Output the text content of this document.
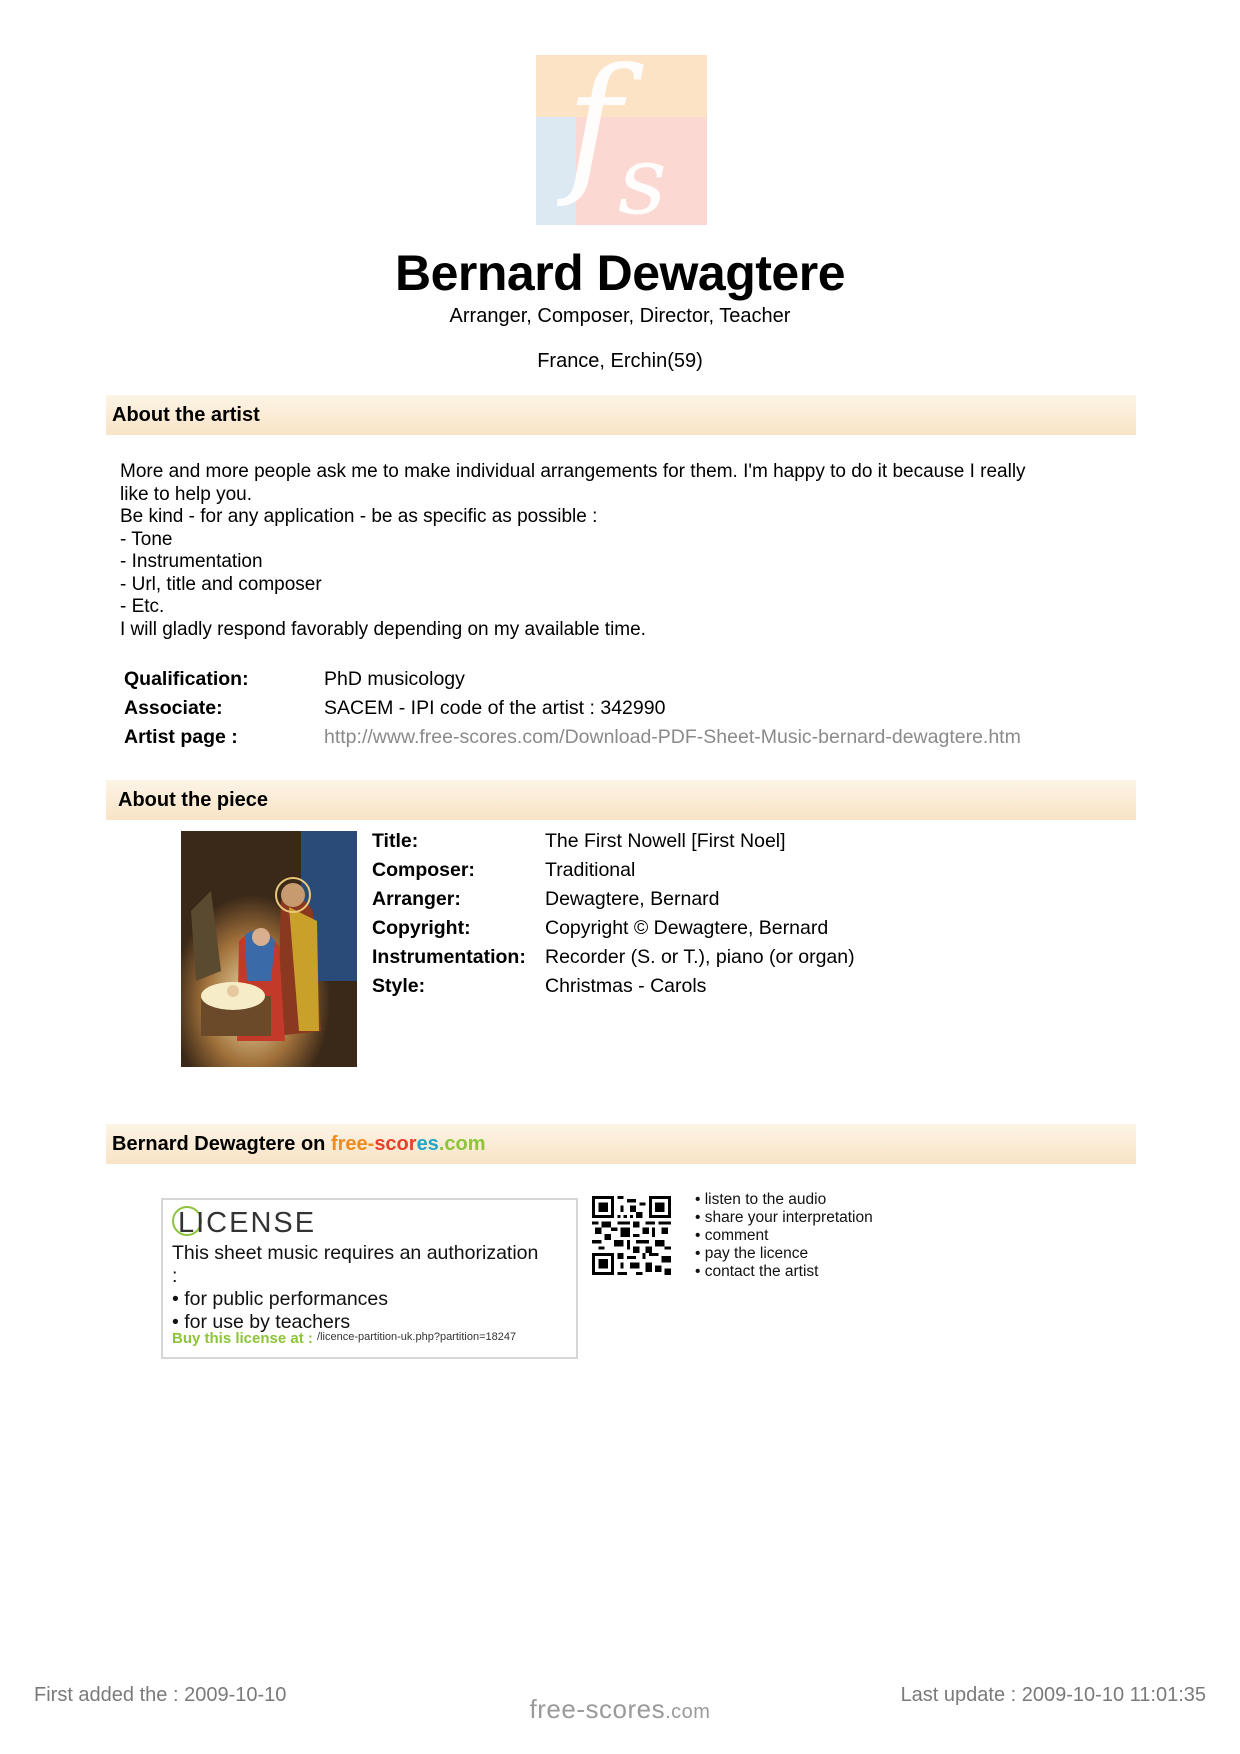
f
s
Bernard Dewagtere
Arranger, Composer, Director, Teacher
France, Erchin(59)
About the artist
More and more people ask me to make individual arrangements for them. I'm happy to do it because I really
like to help you.
Be kind - for any application - be as specific as possible :
- Tone
- Instrumentation
- Url, title and composer
- Etc.
I will gladly respond favorably depending on my available time.
Qualification:	PhD musicology
Associate:	SACEM - IPI code of the artist : 342990
Artist page :	http://www.free-scores.com/Download-PDF-Sheet-Music-bernard-dewagtere.htm
About the piece
Title:	The First Nowell [First Noel]
Composer:	Traditional
Arranger:	Dewagtere, Bernard
Copyright:	Copyright © Dewagtere, Bernard
Instrumentation: Recorder (S. or T.), piano (or organ)
Style:	Christmas - Carols
Bernard Dewagtere on free-scores.com
LICENSE
This sheet music requires an authorization
:
• for public performances
• for use by teachers
Buy this license at : $^{/licence-partition-uk.php?partition=18247}$
• listen to the audio
• share your interpretation
• comment
• pay the licence
• contact the artist
First added the : 2009-10-10	Last update : 2009-10-10 11:01:35
free-scores.com
